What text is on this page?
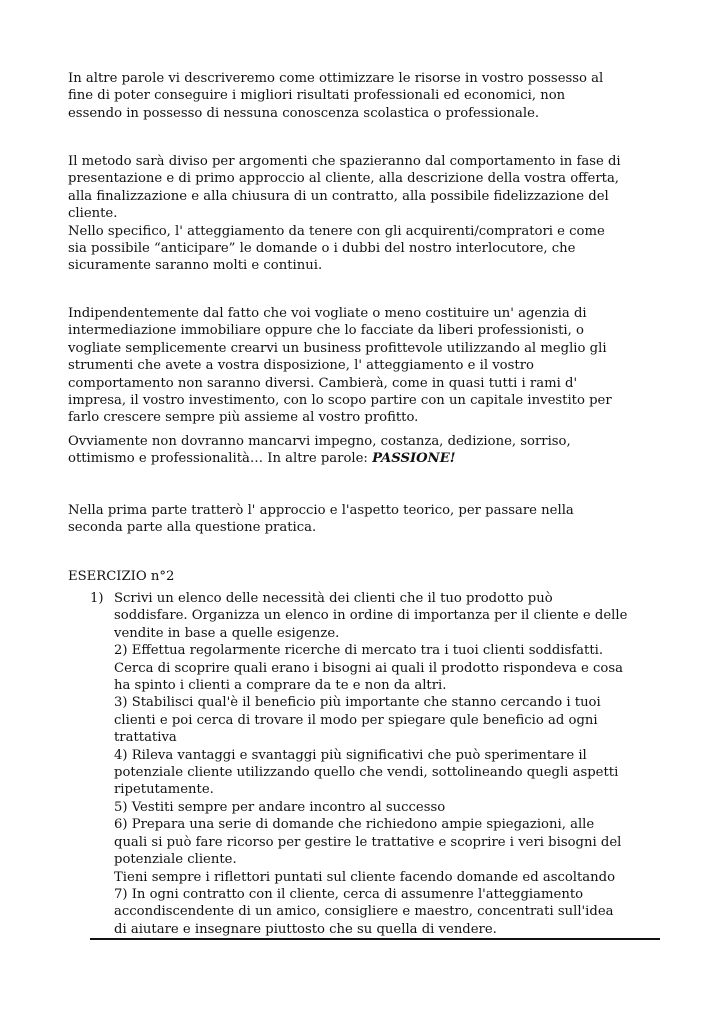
In altre parole vi descriveremo come ottimizzare le risorse in vostro possesso al
fine di poter conseguire i migliori risultati professionali ed economici, non
essendo in possesso di nessuna conoscenza scolastica o professionale.

Il metodo sarà diviso per argomenti che spazieranno dal comportamento in fase di
presentazione e di primo approccio al cliente, alla descrizione della vostra offerta,
alla finalizzazione e alla chiusura di un contratto, alla possibile fidelizzazione del
cliente.
Nello specifico, l' atteggiamento da tenere con gli acquirenti/compratori e come
sia possibile “anticipare” le domande o i dubbi del nostro interlocutore, che
sicuramente saranno molti e continui.

Indipendentemente dal fatto che voi vogliate o meno costituire un' agenzia di
intermediazione immobiliare oppure che lo facciate da liberi professionisti, o
vogliate semplicemente crearvi un business profittevole utilizzando al meglio gli
strumenti che avete a vostra disposizione, l' atteggiamento e il vostro
comportamento non saranno diversi. Cambierà, come in quasi tutti i rami d'
impresa, il vostro investimento, con lo scopo partire con un capitale investito per
farlo crescere sempre più assieme al vostro profitto.

Ovviamente non dovranno mancarvi impegno, costanza, dedizione, sorriso,
ottimismo e professionalità… In altre parole: PASSIONE!

Nella prima parte tratterò l' approccio e l'aspetto teorico, per passare nella
seconda parte alla questione pratica.

ESERCIZIO n°2

1) Scrivi un elenco delle necessità dei clienti che il tuo prodotto può
soddisfare. Organizza un elenco in ordine di importanza per il cliente e delle
vendite in base a quelle esigenze.
2) Effettua regolarmente ricerche di mercato tra i tuoi clienti soddisfatti.
Cerca di scoprire quali erano i bisogni ai quali il prodotto rispondeva e cosa
ha spinto i clienti a comprare da te e non da altri.
3) Stabilisci qual'è il beneficio più importante che stanno cercando i tuoi
clienti e poi cerca di trovare il modo per spiegare qule beneficio ad ogni
trattativa
4) Rileva vantaggi e svantaggi più significativi che può sperimentare il
potenziale cliente utilizzando quello che vendi, sottolineando quegli aspetti
ripetutamente.
5) Vestiti sempre per andare incontro al successo
6) Prepara una serie di domande che richiedono ampie spiegazioni, alle
quali si può fare ricorso per gestire le trattative e scoprire i veri bisogni del
potenziale cliente.
Tieni sempre i riflettori puntati sul cliente facendo domande ed ascoltando
7) In ogni contratto con il cliente, cerca di assumenre l'atteggiamento
accondiscendente di un amico, consigliere e maestro, concentrati sull'idea
di aiutare e insegnare piuttosto che su quella di vendere.
